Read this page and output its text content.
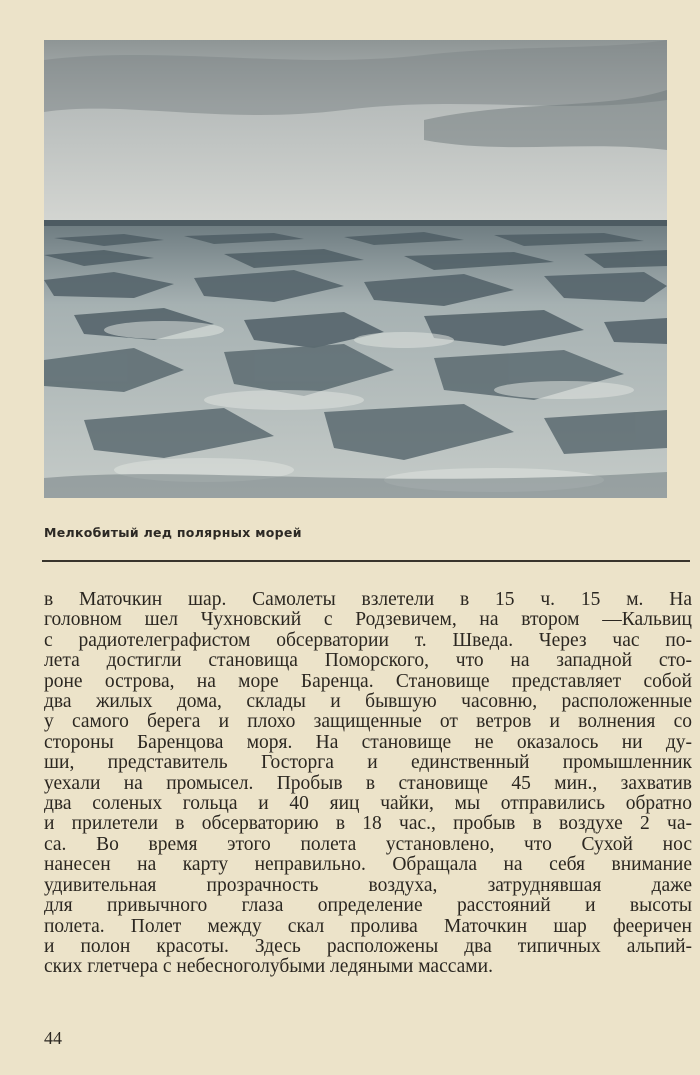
Мелкобитый лед полярных морей
в Маточкин шар. Самолеты взлетели в 15 ч. 15 м. На
головном шел Чухновский с Родзевичем, на втором —Кальвиц
с радиотелеграфистом обсерватории т. Шведа. Через час по-
лета достигли становища Поморского, что на западной сто-
роне острова, на море Баренца. Становище представляет собой
два жилых дома, склады и бывшую часовню, расположенные
у самого берега и плохо защищенные от ветров и волнения со
стороны Баренцова моря. На становище не оказалось ни ду-
ши, представитель Госторга и единственный промышленник
уехали на промысел. Пробыв в становище 45 мин., захватив
два соленых гольца и 40 яиц чайки, мы отправились обратно
и прилетели в обсерваторию в 18 час., пробыв в воздухе 2 ча-
са. Во время этого полета установлено, что Сухой нос
нанесен на карту неправильно. Обращала на себя внимание
удивительная прозрачность воздуха, затруднявшая даже
для привычного глаза определение расстояний и высоты
полета. Полет между скал пролива Маточкин шар фееричен
и полон красоты. Здесь расположены два типичных альпий-
ских глетчера с небесноголубыми ледяными массами.
44
